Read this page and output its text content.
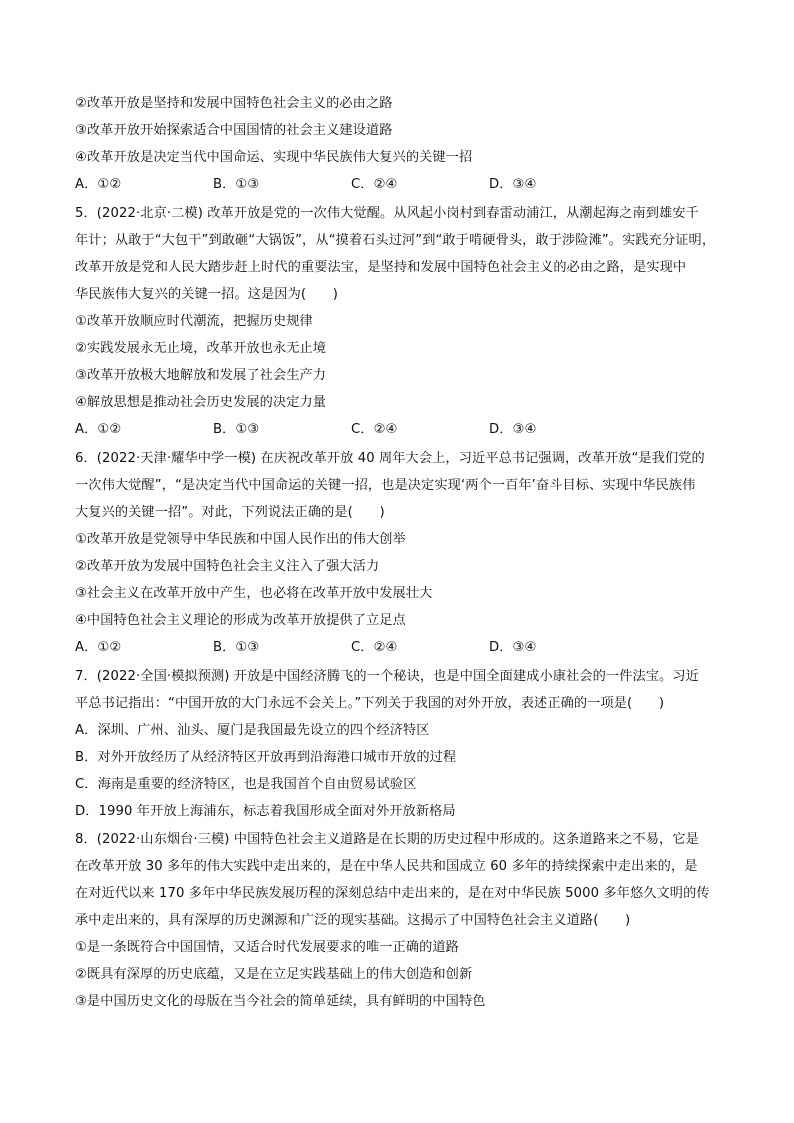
②改革开放是坚持和发展中国特色社会主义的必由之路
③改革开放开始探索适合中国国情的社会主义建设道路
④改革开放是决定当代中国命运、实现中华民族伟大复兴的关键一招
A．①②	B．①③	C．②④	D．③④
5．(2022·北京·二模) 改革开放是党的一次伟大觉醒。从风起小岗村到春雷动浦江，从潮起海之南到雄安千
年计；从敢于“大包干”到敢砸“大锅饭”，从“摸着石头过河”到“敢于啃硬骨头，敢于涉险滩”。实践充分证明，
改革开放是党和人民大踏步赶上时代的重要法宝，是坚持和发展中国特色社会主义的必由之路，是实现中
华民族伟大复兴的关键一招。这是因为(　　)
①改革开放顺应时代潮流，把握历史规律
②实践发展永无止境，改革开放也永无止境
③改革开放极大地解放和发展了社会生产力
④解放思想是推动社会历史发展的决定力量
A．①②	B．①③	C．②④	D．③④
6．(2022·天津·耀华中学一模) 在庆祝改革开放 40 周年大会上，习近平总书记强调，改革开放“是我们党的
一次伟大觉醒”，“是决定当代中国命运的关键一招，也是决定实现‘两个一百年’奋斗目标、实现中华民族伟
大复兴的关键一招”。对此，下列说法正确的是(　　)
①改革开放是党领导中华民族和中国人民作出的伟大创举
②改革开放为发展中国特色社会主义注入了强大活力
③社会主义在改革开放中产生，也必将在改革开放中发展壮大
④中国特色社会主义理论的形成为改革开放提供了立足点
A．①②	B．①③	C．②④	D．③④
7．(2022·全国·模拟预测) 开放是中国经济腾飞的一个秘诀，也是中国全面建成小康社会的一件法宝。习近
平总书记指出：“中国开放的大门永远不会关上。”下列关于我国的对外开放，表述正确的一项是(　　)
A．深圳、广州、汕头、厦门是我国最先设立的四个经济特区
B．对外开放经历了从经济特区开放再到沿海港口城市开放的过程
C．海南是重要的经济特区，也是我国首个自由贸易试验区
D．1990 年开放上海浦东，标志着我国形成全面对外开放新格局
8．(2022·山东烟台·三模) 中国特色社会主义道路是在长期的历史过程中形成的。这条道路来之不易，它是
在改革开放 30 多年的伟大实践中走出来的，是在中华人民共和国成立 60 多年的持续探索中走出来的，是
在对近代以来 170 多年中华民族发展历程的深刻总结中走出来的，是在对中华民族 5000 多年悠久文明的传
承中走出来的，具有深厚的历史渊源和广泛的现实基础。这揭示了中国特色社会主义道路(　　)
①是一条既符合中国国情，又适合时代发展要求的唯一正确的道路
②既具有深厚的历史底蕴，又是在立足实践基础上的伟大创造和创新
③是中国历史文化的母版在当今社会的简单延续，具有鲜明的中国特色
